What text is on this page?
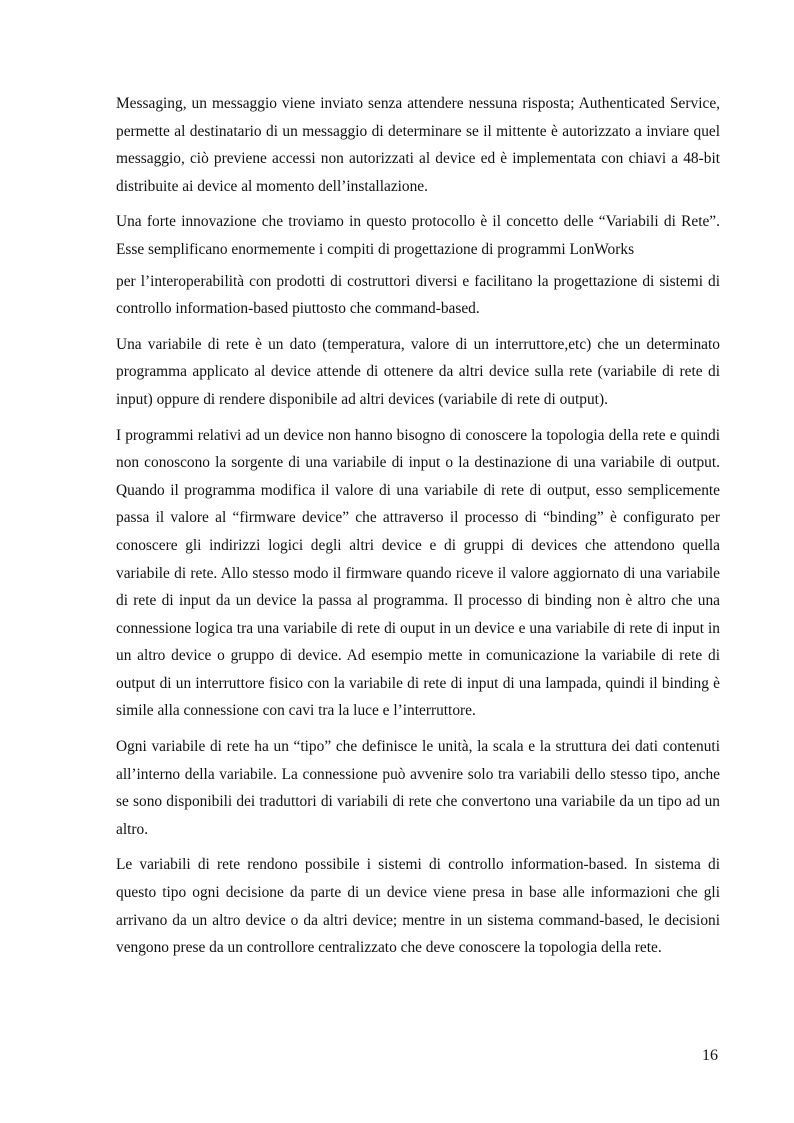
Messaging, un messaggio viene inviato senza attendere nessuna risposta; Authenticated Service, permette al destinatario di un messaggio di determinare se il mittente è autorizzato a inviare quel messaggio, ciò previene accessi non autorizzati al device ed è implementata con chiavi a 48-bit distribuite ai device al momento dell’installazione.

Una forte innovazione che troviamo in questo protocollo è il concetto delle “Variabili di Rete”. Esse semplificano enormemente i compiti di progettazione di programmi LonWorks

per l’interoperabilità con prodotti di costruttori diversi e facilitano la progettazione di sistemi di controllo information-based piuttosto che command-based.

Una variabile di rete è un dato (temperatura, valore di un interruttore,etc) che un determinato programma applicato al device attende di ottenere da altri device sulla rete (variabile di rete di input) oppure di rendere disponibile ad altri devices (variabile di rete di output).

I programmi relativi ad un device non hanno bisogno di conoscere la topologia della rete e quindi non conoscono la sorgente di una variabile di input o la destinazione di una variabile di output. Quando il programma modifica il valore di una variabile di rete di output, esso semplicemente passa il valore al “firmware device” che attraverso il processo di “binding” è configurato per conoscere gli indirizzi logici degli altri device e di gruppi di devices che attendono quella variabile di rete. Allo stesso modo il firmware quando riceve il valore aggiornato di una variabile di rete di input da un device la passa al programma. Il processo di binding non è altro che una connessione logica tra una variabile di rete di ouput in un device e una variabile di rete di input in un altro device o gruppo di device. Ad esempio mette in comunicazione la variabile di rete di output di un interruttore fisico con la variabile di rete di input di una lampada, quindi il binding è simile alla connessione con cavi tra la luce e l’interruttore.

Ogni variabile di rete ha un “tipo” che definisce le unità, la scala e la struttura dei dati contenuti all’interno della variabile. La connessione può avvenire solo tra variabili dello stesso tipo, anche se sono disponibili dei traduttori di variabili di rete che convertono una variabile da un tipo ad un altro.

Le variabili di rete rendono possibile i sistemi di controllo information-based. In sistema di questo tipo ogni decisione da parte di un device viene presa in base alle informazioni che gli arrivano da un altro device o da altri device; mentre in un sistema command-based, le decisioni vengono prese da un controllore centralizzato che deve conoscere la topologia della rete.

16
